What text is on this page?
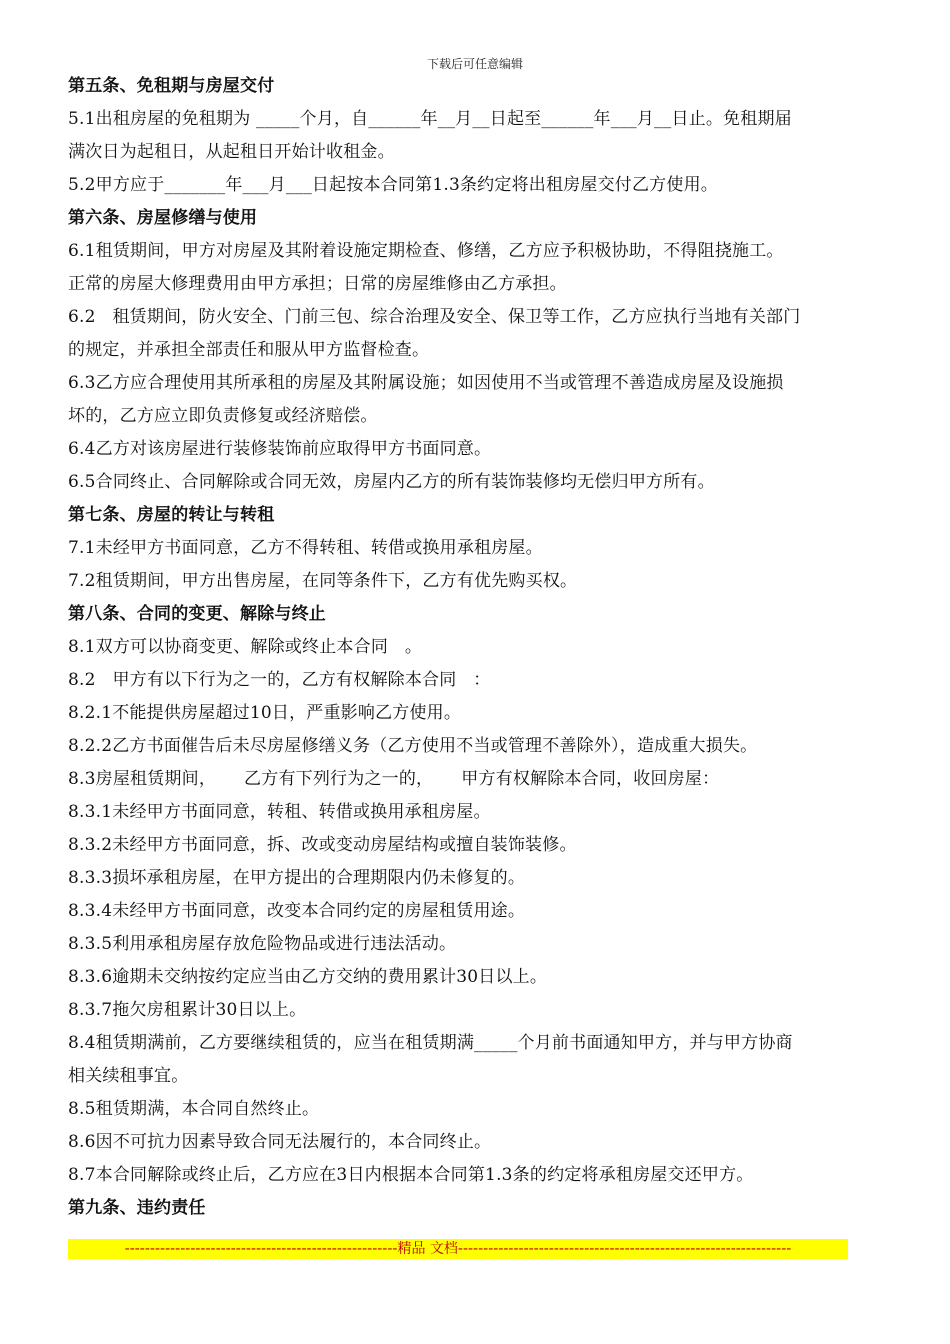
下载后可任意编辑
第五条、免租期与房屋交付
5.1出租房屋的免租期为 _____个月，自______年__月__日起至______年___月__日止。免租期届
满次日为起租日，从起租日开始计收租金。
5.2甲方应于_______年___月___日起按本合同第1.3条约定将出租房屋交付乙方使用。
第六条、房屋修缮与使用
6.1租赁期间，甲方对房屋及其附着设施定期检查、修缮，乙方应予积极协助，不得阻挠施工。
正常的房屋大修理费用由甲方承担；日常的房屋维修由乙方承担。
6.2   租赁期间，防火安全、门前三包、综合治理及安全、保卫等工作，乙方应执行当地有关部门
的规定，并承担全部责任和服从甲方监督检查。
6.3乙方应合理使用其所承租的房屋及其附属设施；如因使用不当或管理不善造成房屋及设施损
坏的，乙方应立即负责修复或经济赔偿。
6.4乙方对该房屋进行装修装饰前应取得甲方书面同意。
6.5合同终止、合同解除或合同无效，房屋内乙方的所有装饰装修均无偿归甲方所有。
第七条、房屋的转让与转租
7.1未经甲方书面同意，乙方不得转租、转借或换用承租房屋。
7.2租赁期间，甲方出售房屋，在同等条件下，乙方有优先购买权。
第八条、合同的变更、解除与终止
8.1双方可以协商变更、解除或终止本合同   。
8.2   甲方有以下行为之一的，乙方有权解除本合同   ：
8.2.1不能提供房屋超过10日，严重影响乙方使用。
8.2.2乙方书面催告后未尽房屋修缮义务（乙方使用不当或管理不善除外），造成重大损失。
8.3房屋租赁期间，     乙方有下列行为之一的，     甲方有权解除本合同，收回房屋：
8.3.1未经甲方书面同意，转租、转借或换用承租房屋。
8.3.2未经甲方书面同意，拆、改或变动房屋结构或擅自装饰装修。
8.3.3损坏承租房屋，在甲方提出的合理期限内仍未修复的。
8.3.4未经甲方书面同意，改变本合同约定的房屋租赁用途。
8.3.5利用承租房屋存放危险物品或进行违法活动。
8.3.6逾期未交纳按约定应当由乙方交纳的费用累计30日以上。
8.3.7拖欠房租累计30日以上。
8.4租赁期满前，乙方要继续租赁的，应当在租赁期满_____个月前书面通知甲方，并与甲方协商
相关续租事宜。
8.5租赁期满，本合同自然终止。
8.6因不可抗力因素导致合同无法履行的，本合同终止。
8.7本合同解除或终止后，乙方应在3日内根据本合同第1.3条的约定将承租房屋交还甲方。
第九条、违约责任
------------------------------------------------------精品 文档------------------------------------------------------------------
